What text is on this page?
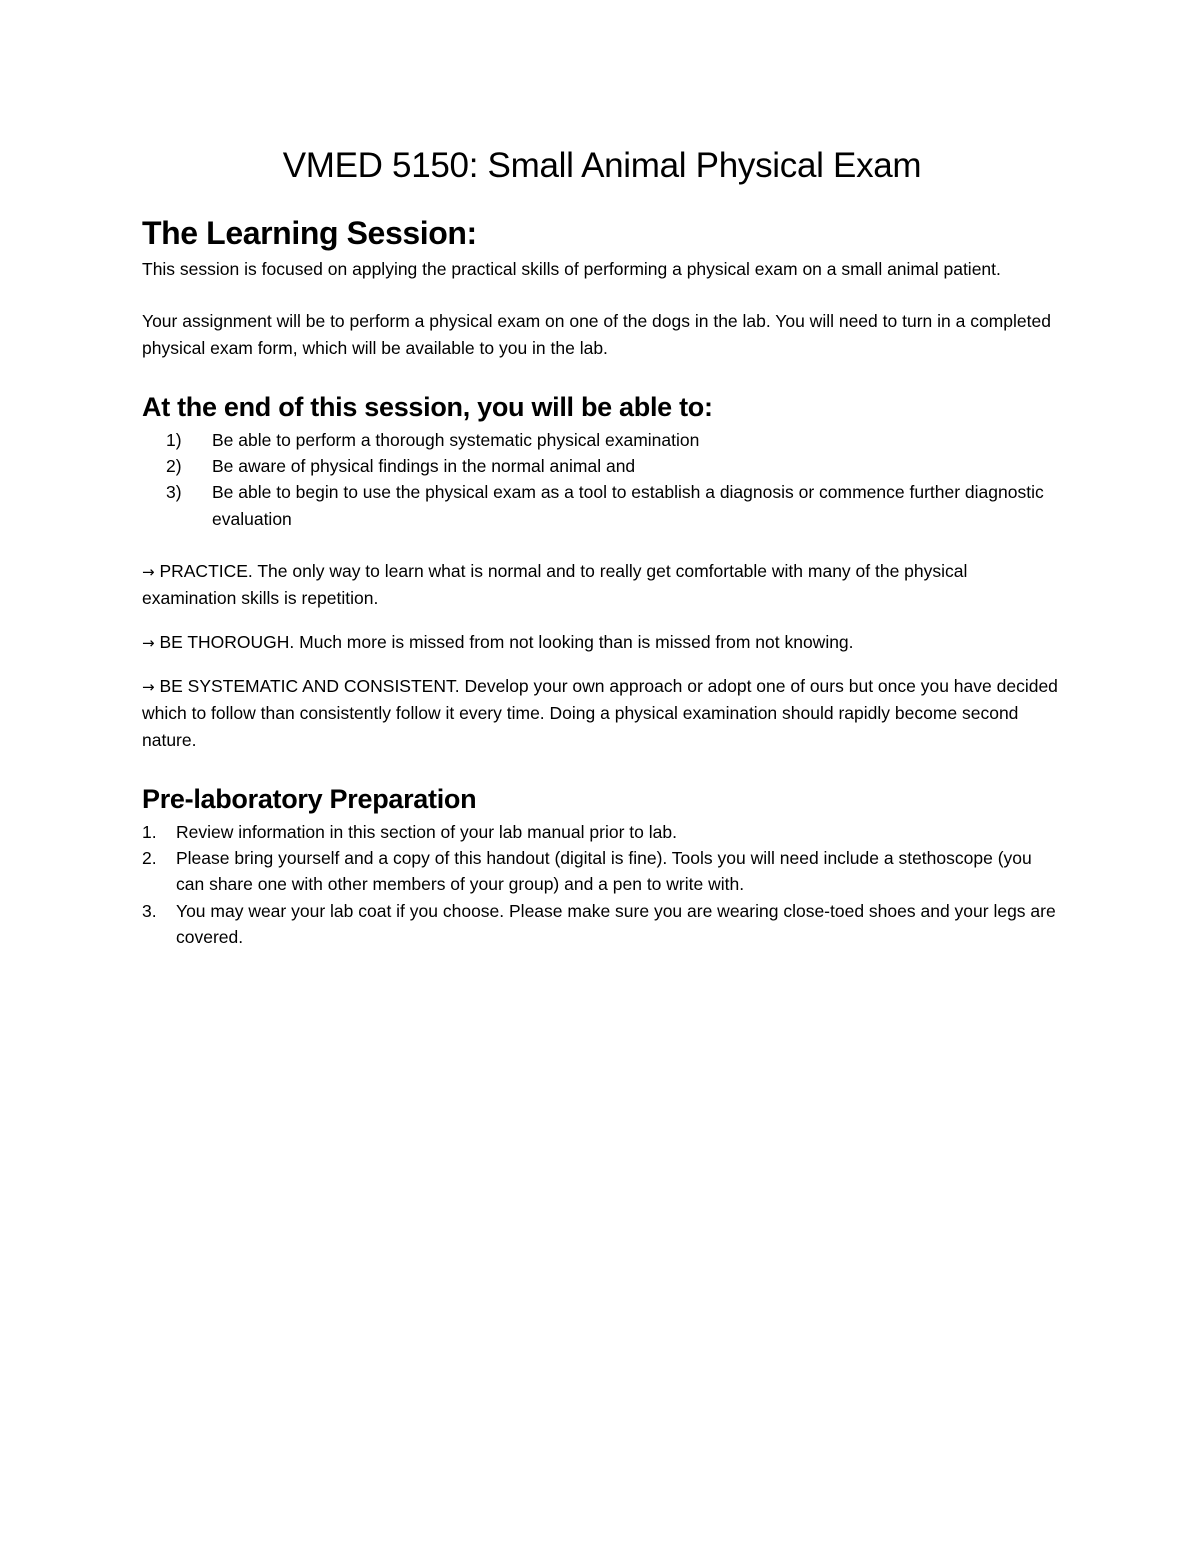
VMED 5150: Small Animal Physical Exam
The Learning Session:

This session is focused on applying the practical skills of performing a physical exam on a small animal patient.

Your assignment will be to perform a physical exam on one of the dogs in the lab. You will need to turn in a completed physical exam form, which will be available to you in the lab.

At the end of this session, you will be able to:
1) Be able to perform a thorough systematic physical examination
2) Be aware of physical findings in the normal animal and
3) Be able to begin to use the physical exam as a tool to establish a diagnosis or commence further diagnostic evaluation

→ PRACTICE. The only way to learn what is normal and to really get comfortable with many of the physical examination skills is repetition.

→ BE THOROUGH. Much more is missed from not looking than is missed from not knowing.

→ BE SYSTEMATIC AND CONSISTENT. Develop your own approach or adopt one of ours but once you have decided which to follow than consistently follow it every time. Doing a physical examination should rapidly become second nature.

Pre-laboratory Preparation
1. Review information in this section of your lab manual prior to lab.
2. Please bring yourself and a copy of this handout (digital is fine). Tools you will need include a stethoscope (you can share one with other members of your group) and a pen to write with.
3. You may wear your lab coat if you choose. Please make sure you are wearing close-toed shoes and your legs are covered.
